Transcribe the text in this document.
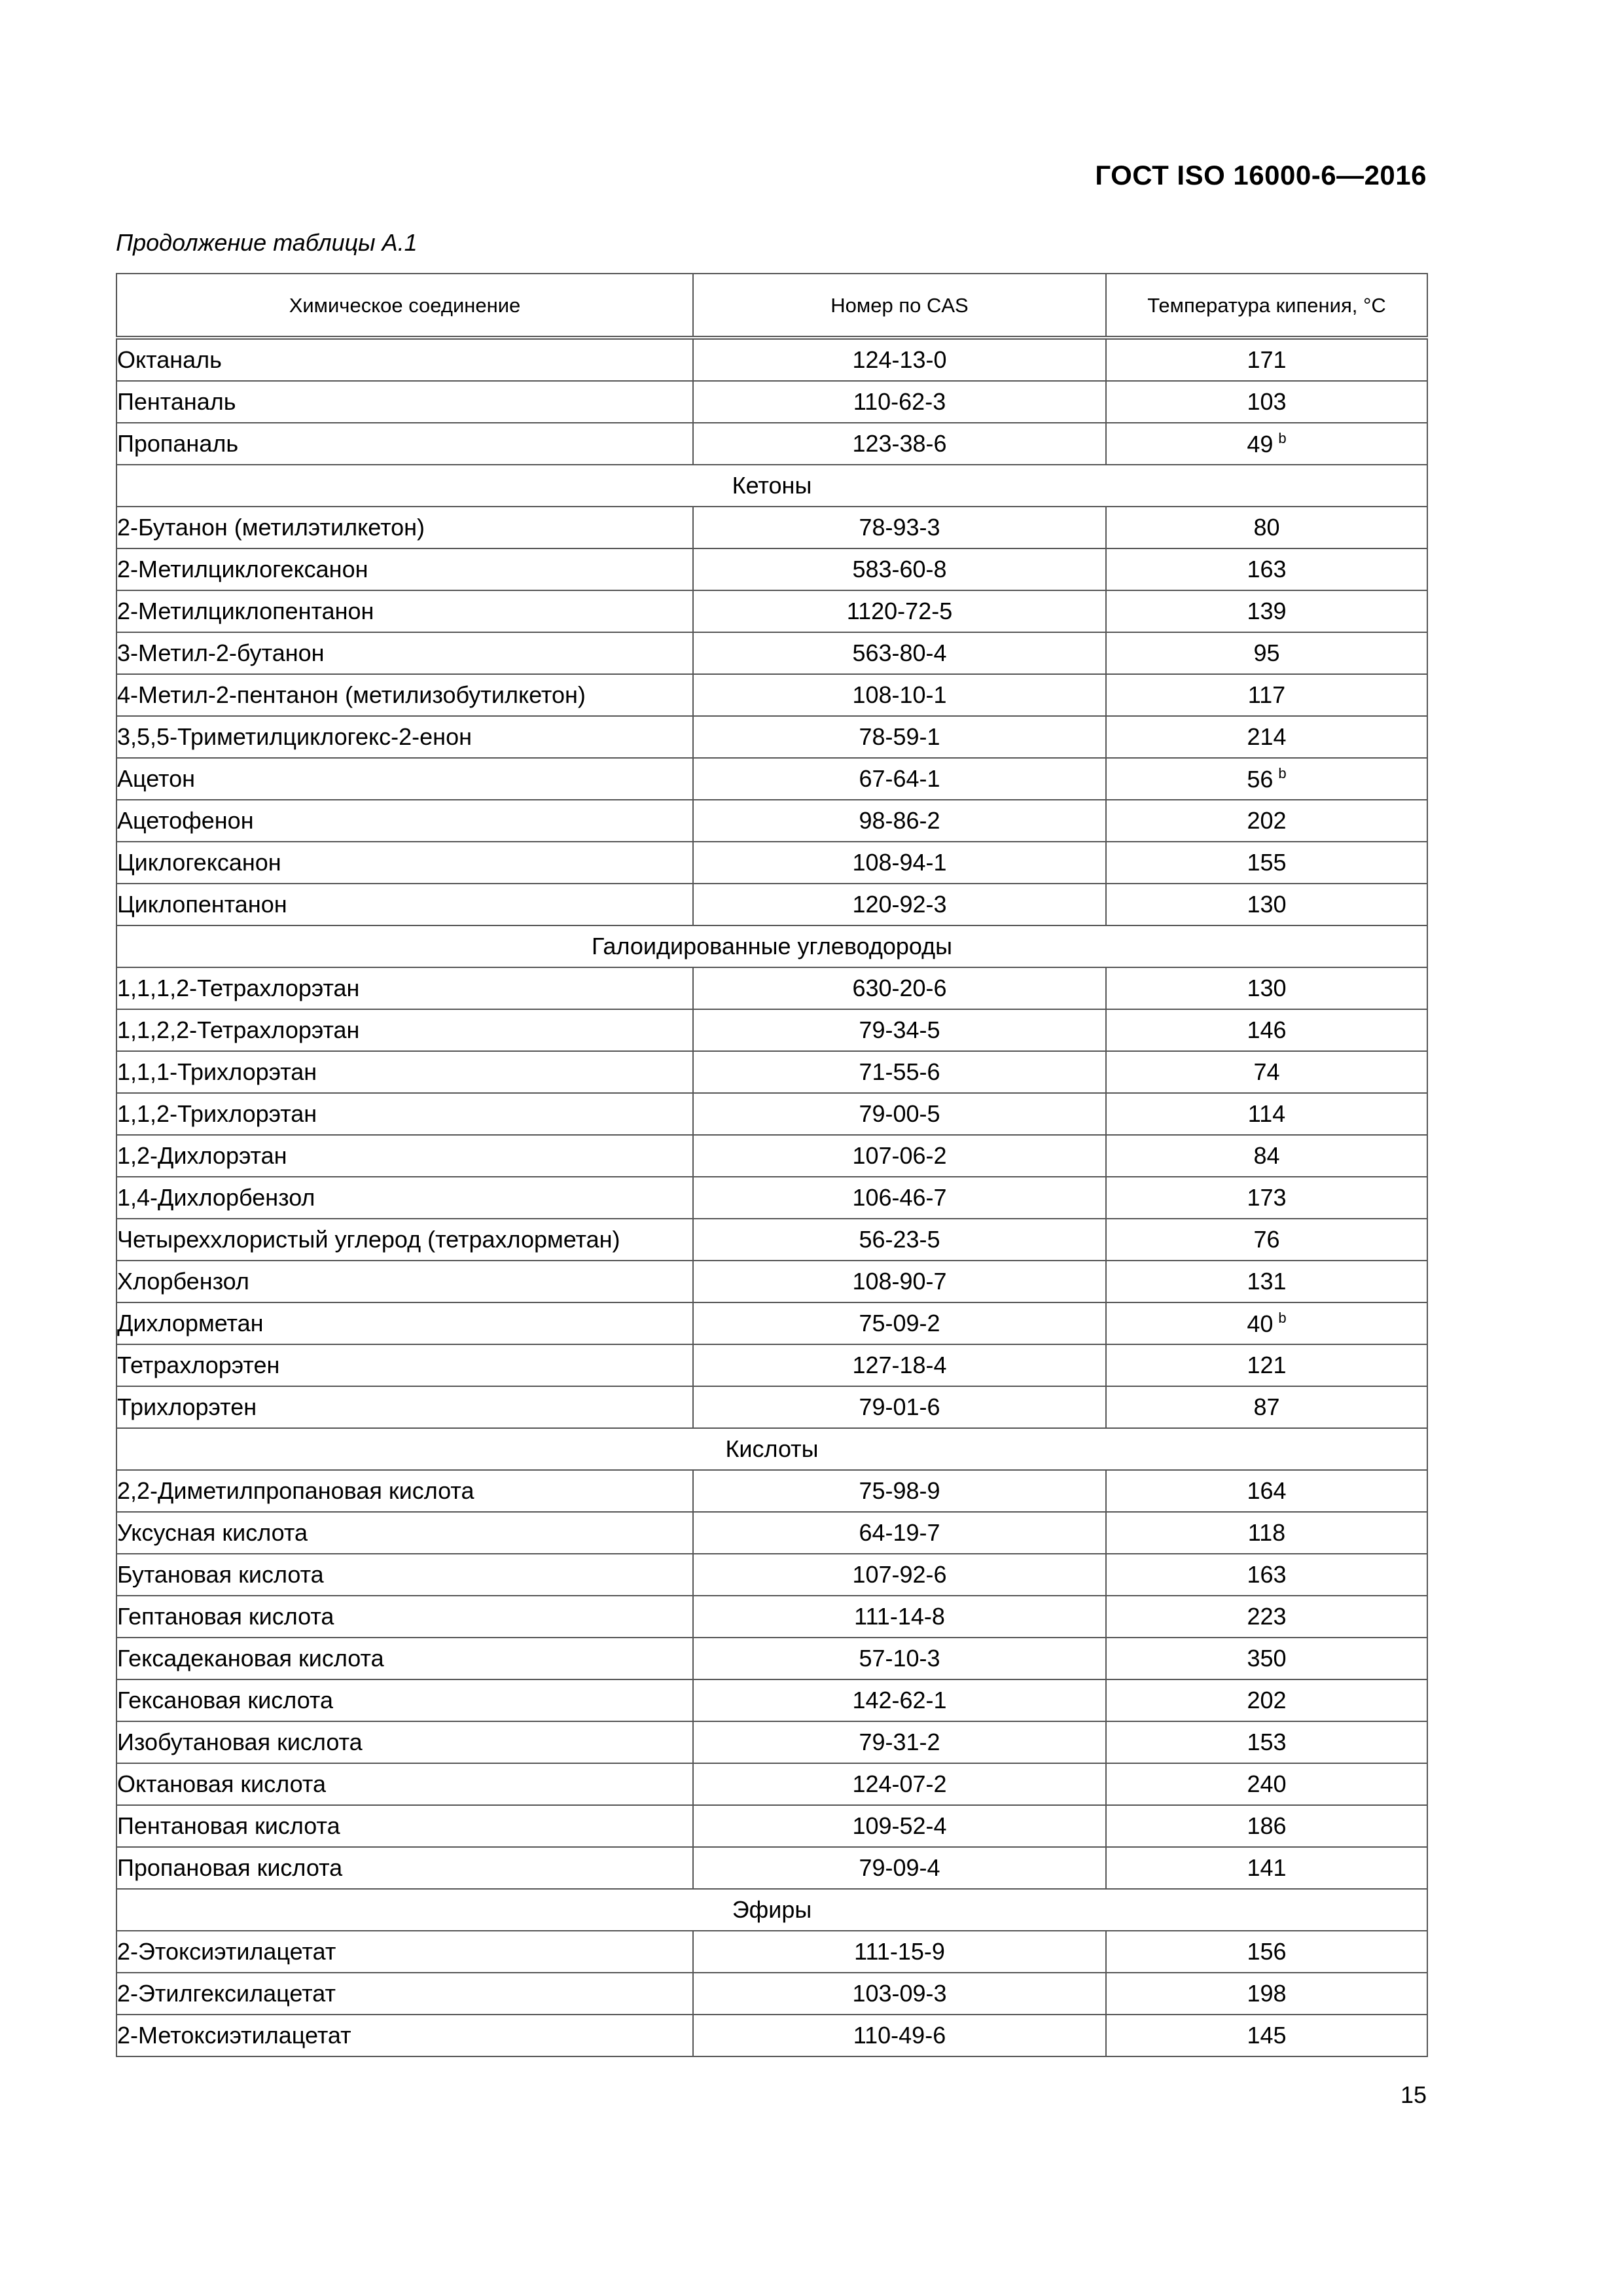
ГОСТ ISO 16000-6—2016
Продолжение таблицы А.1
Химическое соединение	Номер по CAS	Температура кипения, °С
Октаналь	124-13-0	171
Пентаналь	110-62-3	103
Пропаналь	123-38-6	49 $^b$
Кетоны		
2-Бутанон (метилэтилкетон)	78-93-3	80
2-Метилциклогексанон	583-60-8	163
2-Метилциклопентанон	1120-72-5	139
3-Метил-2-бутанон	563-80-4	95
4-Метил-2-пентанон (метилизобутилкетон)	108-10-1	117
3,5,5-Триметилциклогекс-2-енон	78-59-1	214
Ацетон	67-64-1	56 $^b$
Ацетофенон	98-86-2	202
Циклогексанон	108-94-1	155
Циклопентанон	120-92-3	130
Галоидированные углеводороды		
1,1,1,2-Тетрахлорэтан	630-20-6	130
1,1,2,2-Тетрахлорэтан	79-34-5	146
1,1,1-Трихлорэтан	71-55-6	74
1,1,2-Трихлорэтан	79-00-5	114
1,2-Дихлорэтан	107-06-2	84
1,4-Дихлорбензол	106-46-7	173
Четыреххлористый углерод (тетрахлорметан)	56-23-5	76
Хлорбензол	108-90-7	131
Дихлорметан	75-09-2	40 $^b$
Тетрахлорэтен	127-18-4	121
Трихлорэтен	79-01-6	87
Кислоты		
2,2-Диметилпропановая кислота	75-98-9	164
Уксусная кислота	64-19-7	118
Бутановая кислота	107-92-6	163
Гептановая кислота	111-14-8	223
Гексадекановая кислота	57-10-3	350
Гексановая кислота	142-62-1	202
Изобутановая кислота	79-31-2	153
Октановая кислота	124-07-2	240
Пентановая кислота	109-52-4	186
Пропановая кислота	79-09-4	141
Эфиры		
2-Этоксиэтилацетат	111-15-9	156
2-Этилгексилацетат	103-09-3	198
2-Метоксиэтилацетат	110-49-6	145
15
